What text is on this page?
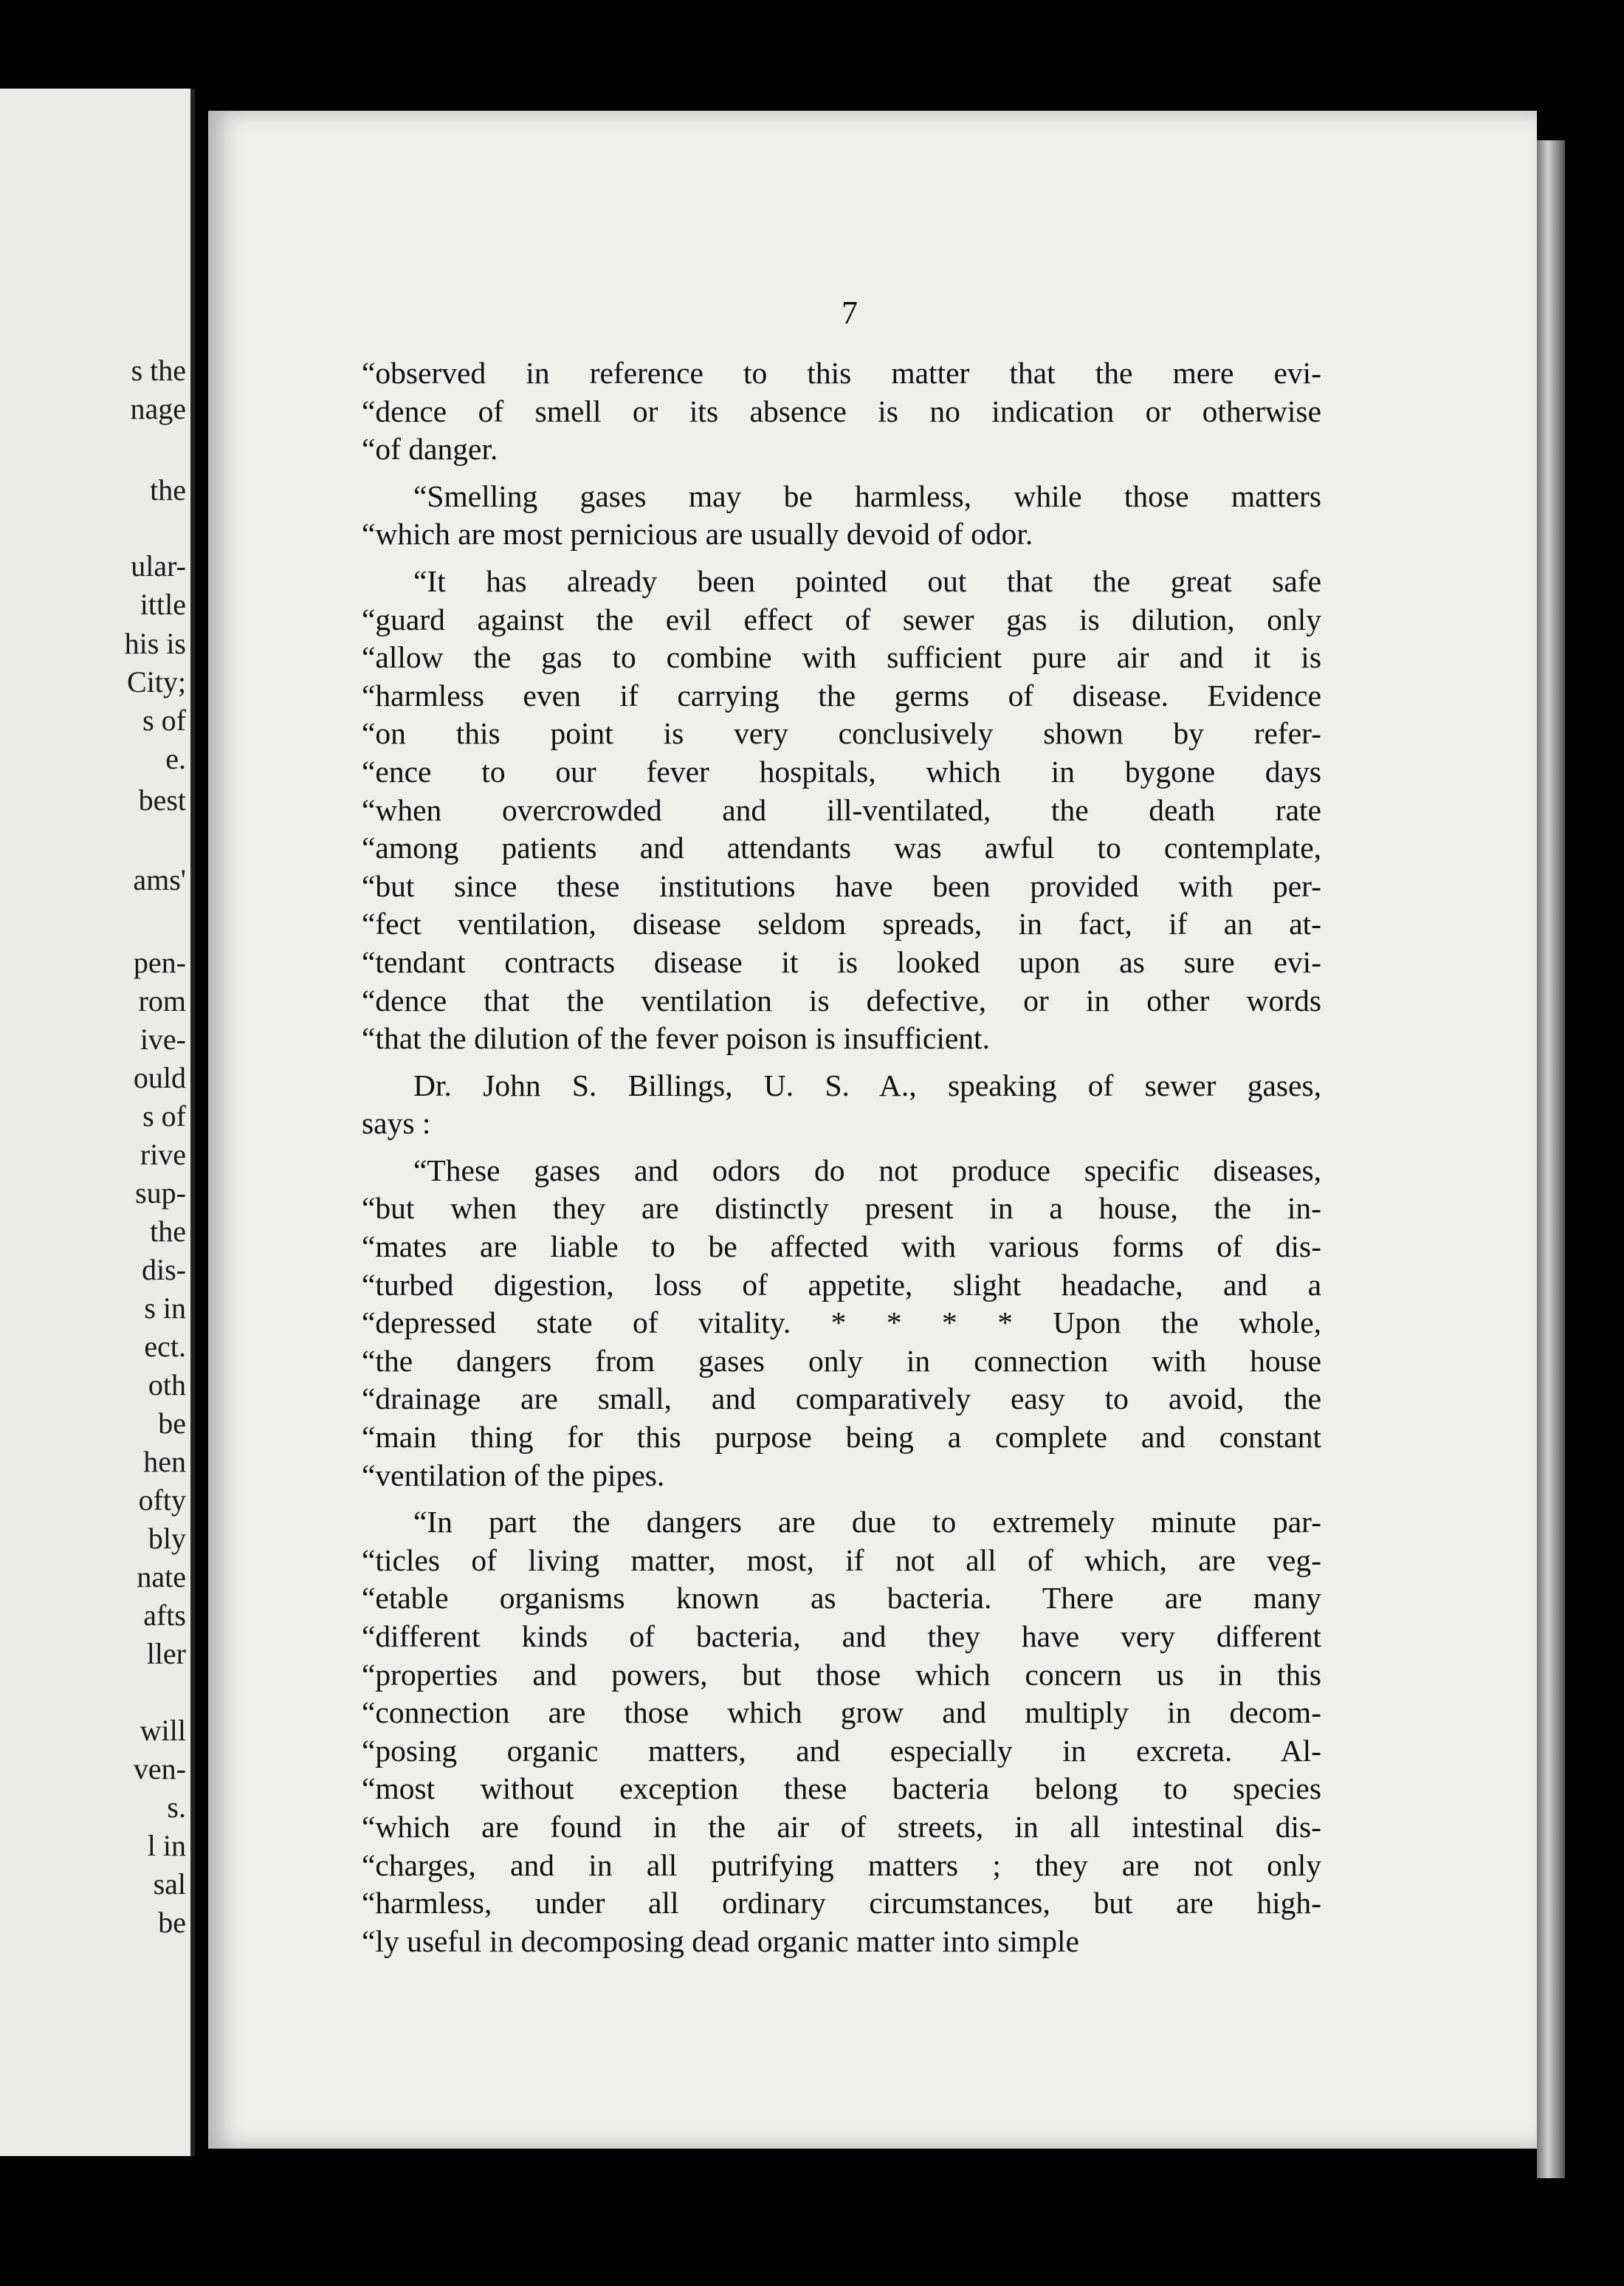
s the
nage
the
ular-
ittle
his is
City;
s of
e.
best
ams'
pen-
rom
ive-
ould
s of
rive
sup-
the
dis-
s in
ect.
oth
be
hen
ofty
bly
nate
afts
ller
will
ven-
s.
l in
sal
be
7
“observed in reference to this matter that the mere evi-
“dence of smell or its absence is no indication or otherwise
“of danger.
“Smelling gases may be harmless, while those matters
“which are most pernicious are usually devoid of odor.
“It has already been pointed out that the great safe
“guard against the evil effect of sewer gas is dilution, only
“allow the gas to combine with sufficient pure air and it is
“harmless even if carrying the germs of disease. Evidence
“on this point is very conclusively shown by refer-
“ence to our fever hospitals, which in bygone days
“when overcrowded and ill-ventilated, the death rate
“among patients and attendants was awful to contemplate,
“but since these institutions have been provided with per-
“fect ventilation, disease seldom spreads, in fact, if an at-
“tendant contracts disease it is looked upon as sure evi-
“dence that the ventilation is defective, or in other words
“that the dilution of the fever poison is insufficient.
Dr. John S. Billings, U. S. A., speaking of sewer gases,
says :
“These gases and odors do not produce specific diseases,
“but when they are distinctly present in a house, the in-
“mates are liable to be affected with various forms of dis-
“turbed digestion, loss of appetite, slight headache, and a
“depressed state of vitality. * * * * Upon the whole,
“the dangers from gases only in connection with house
“drainage are small, and comparatively easy to avoid, the
“main thing for this purpose being a complete and constant
“ventilation of the pipes.
“In part the dangers are due to extremely minute par-
“ticles of living matter, most, if not all of which, are veg-
“etable organisms known as bacteria. There are many
“different kinds of bacteria, and they have very different
“properties and powers, but those which concern us in this
“connection are those which grow and multiply in decom-
“posing organic matters, and especially in excreta. Al-
“most without exception these bacteria belong to species
“which are found in the air of streets, in all intestinal dis-
“charges, and in all putrifying matters ; they are not only
“harmless, under all ordinary circumstances, but are high-
“ly useful in decomposing dead organic matter into simple
